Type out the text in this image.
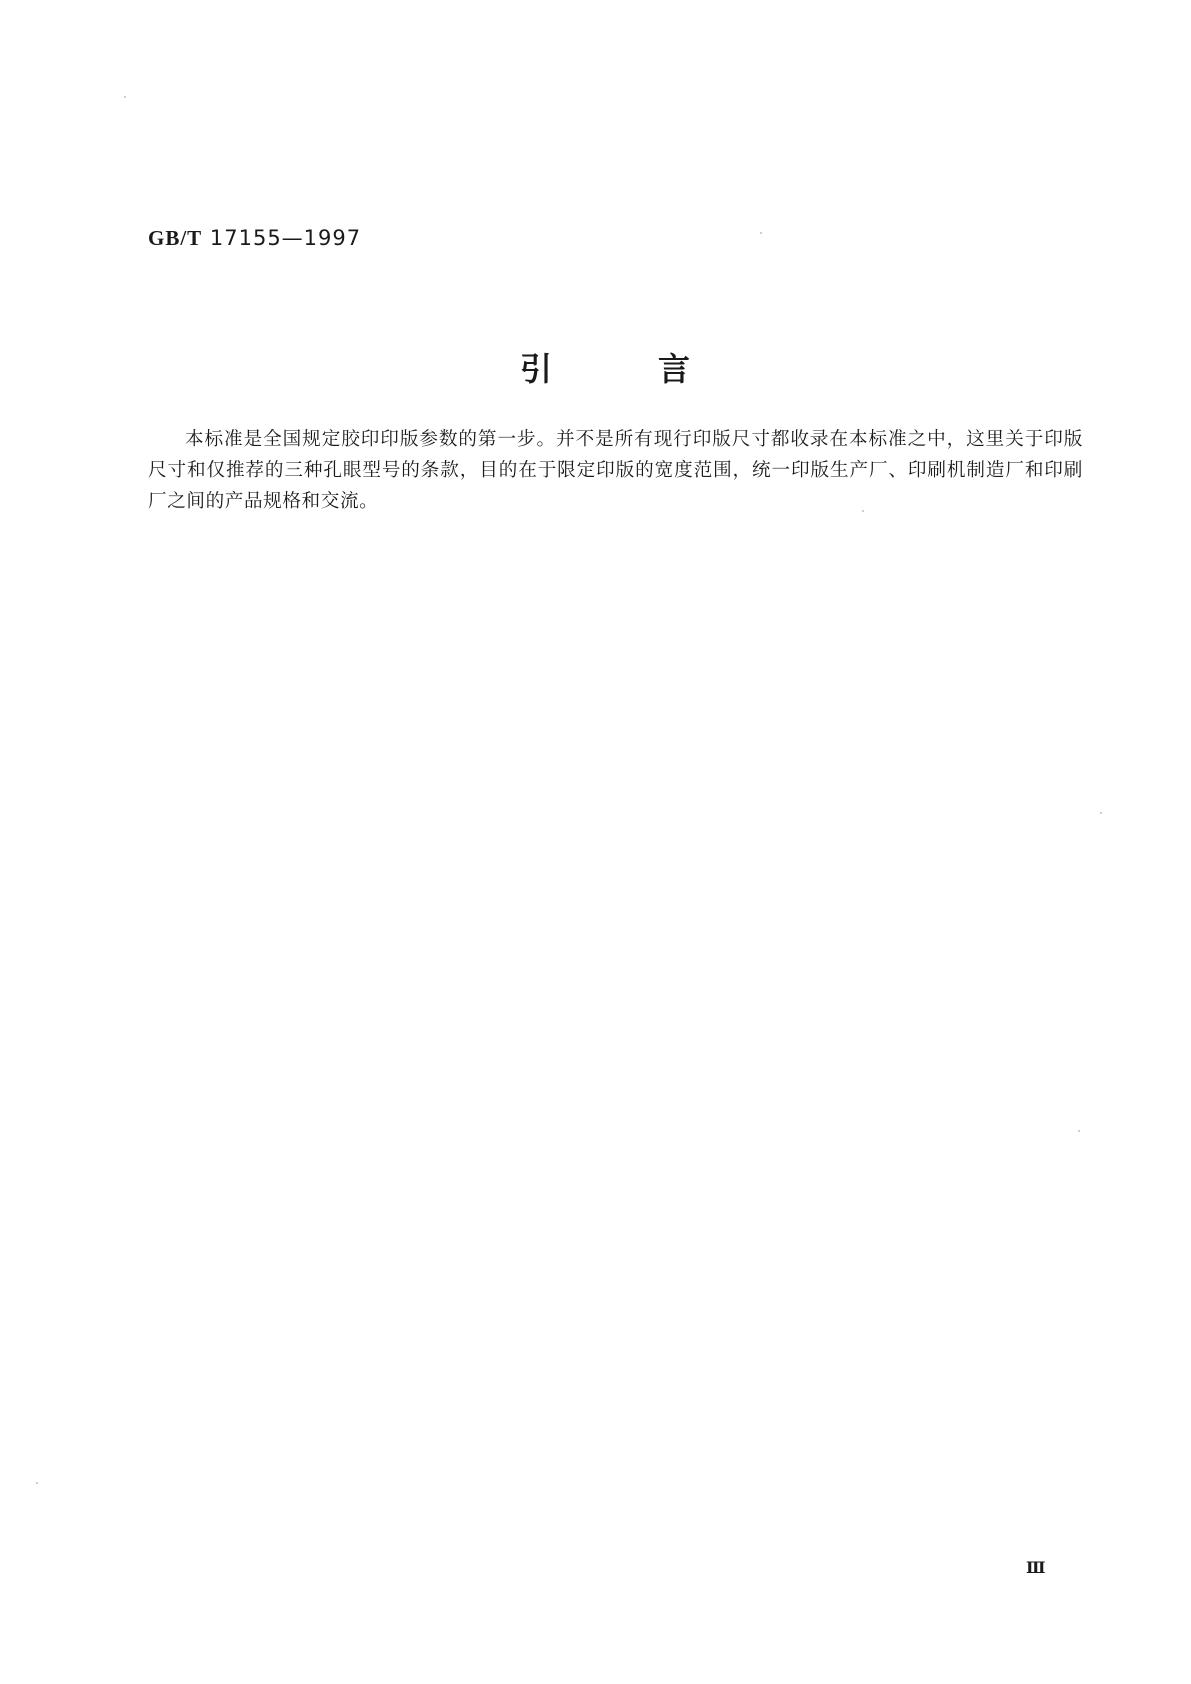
GB/T 17155—1997
引	言

本标准是全国规定胶印印版参数的第一步。并不是所有现行印版尺寸都收录在本标准之中，这里关于印版尺寸和仅推荐的三种孔眼型号的条款，目的在于限定印版的宽度范围，统一印版生产厂、印刷机制造厂和印刷厂之间的产品规格和交流。

Ⅲ
